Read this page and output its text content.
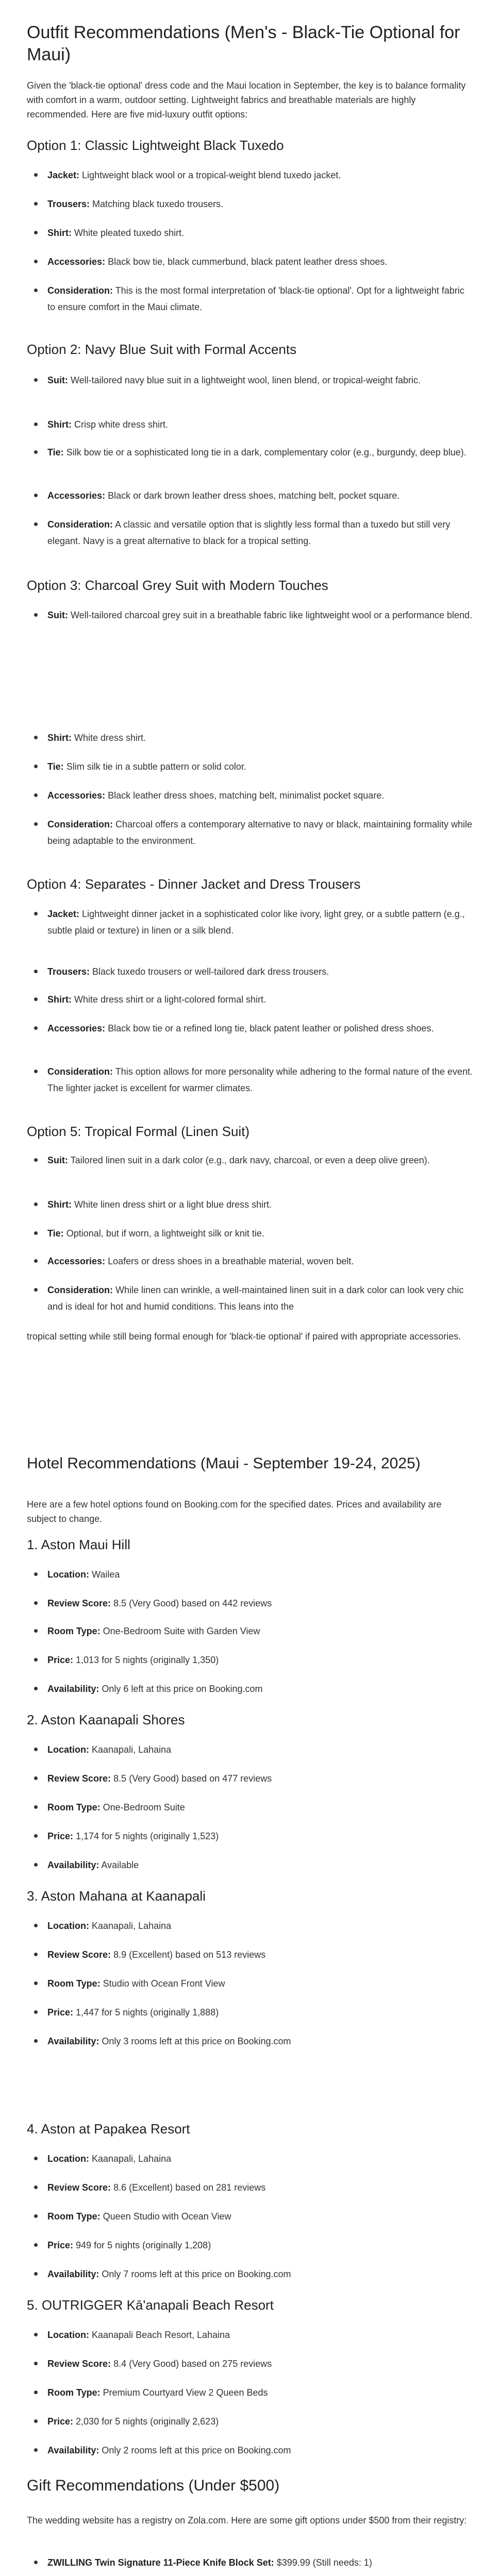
Outfit Recommendations (Men's - Black-Tie Optional for Maui)

Given the 'black-tie optional' dress code and the Maui location in September, the key is to balance formality with comfort in a warm, outdoor setting. Lightweight fabrics and breathable materials are highly recommended. Here are five mid-luxury outfit options:

Option 1: Classic Lightweight Black Tuxedo
Jacket: Lightweight black wool or a tropical-weight blend tuxedo jacket.
Trousers: Matching black tuxedo trousers.
Shirt: White pleated tuxedo shirt.
Accessories: Black bow tie, black cummerbund, black patent leather dress shoes.
Consideration: This is the most formal interpretation of 'black-tie optional'. Opt for a lightweight fabric to ensure comfort in the Maui climate.
Option 2: Navy Blue Suit with Formal Accents
Suit: Well-tailored navy blue suit in a lightweight wool, linen blend, or tropical-weight fabric.
Shirt: Crisp white dress shirt.
Tie: Silk bow tie or a sophisticated long tie in a dark, complementary color (e.g., burgundy, deep blue).
Accessories: Black or dark brown leather dress shoes, matching belt, pocket square.
Consideration: A classic and versatile option that is slightly less formal than a tuxedo but still very elegant. Navy is a great alternative to black for a tropical setting.
Option 3: Charcoal Grey Suit with Modern Touches
Suit: Well-tailored charcoal grey suit in a breathable fabric like lightweight wool or a performance blend.
Shirt: White dress shirt.
Tie: Slim silk tie in a subtle pattern or solid color.
Accessories: Black leather dress shoes, matching belt, minimalist pocket square.
Consideration: Charcoal offers a contemporary alternative to navy or black, maintaining formality while being adaptable to the environment.
Option 4: Separates - Dinner Jacket and Dress Trousers
Jacket: Lightweight dinner jacket in a sophisticated color like ivory, light grey, or a subtle pattern (e.g., subtle plaid or texture) in linen or a silk blend.
Trousers: Black tuxedo trousers or well-tailored dark dress trousers.
Shirt: White dress shirt or a light-colored formal shirt.
Accessories: Black bow tie or a refined long tie, black patent leather or polished dress shoes.
Consideration: This option allows for more personality while adhering to the formal nature of the event. The lighter jacket is excellent for warmer climates.
Option 5: Tropical Formal (Linen Suit)
Suit: Tailored linen suit in a dark color (e.g., dark navy, charcoal, or even a deep olive green).
Shirt: White linen dress shirt or a light blue dress shirt.
Tie: Optional, but if worn, a lightweight silk or knit tie.
Accessories: Loafers or dress shoes in a breathable material, woven belt.
Consideration: While linen can wrinkle, a well-maintained linen suit in a dark color can look very chic and is ideal for hot and humid conditions. This leans into the

tropical setting while still being formal enough for 'black-tie optional' if paired with appropriate accessories.

Hotel Recommendations (Maui - September 19-24, 2025)

Here are a few hotel options found on Booking.com for the specified dates. Prices and availability are subject to change.

1. Aston Maui Hill
Location: Wailea
Review Score: 8.5 (Very Good) based on 442 reviews
Room Type: One-Bedroom Suite with Garden View
Price: 1,013 for 5 nights (originally 1,350)
Availability: Only 6 left at this price on Booking.com
2. Aston Kaanapali Shores
Location: Kaanapali, Lahaina
Review Score: 8.5 (Very Good) based on 477 reviews
Room Type: One-Bedroom Suite
Price: 1,174 for 5 nights (originally 1,523)
Availability: Available
3. Aston Mahana at Kaanapali
Location: Kaanapali, Lahaina
Review Score: 8.9 (Excellent) based on 513 reviews
Room Type: Studio with Ocean Front View
Price: 1,447 for 5 nights (originally 1,888)
Availability: Only 3 rooms left at this price on Booking.com
4. Aston at Papakea Resort
Location: Kaanapali, Lahaina
Review Score: 8.6 (Excellent) based on 281 reviews
Room Type: Queen Studio with Ocean View
Price: 949 for 5 nights (originally 1,208)
Availability: Only 7 rooms left at this price on Booking.com
5. OUTRIGGER Kā'anapali Beach Resort
Location: Kaanapali Beach Resort, Lahaina
Review Score: 8.4 (Very Good) based on 275 reviews
Room Type: Premium Courtyard View 2 Queen Beds
Price: 2,030 for 5 nights (originally 2,623)
Availability: Only 2 rooms left at this price on Booking.com
Gift Recommendations (Under $500)

The wedding website has a registry on Zola.com. Here are some gift options under $500 from their registry:

ZWILLING Twin Signature 11-Piece Knife Block Set: $399.99 (Still needs: 1)
